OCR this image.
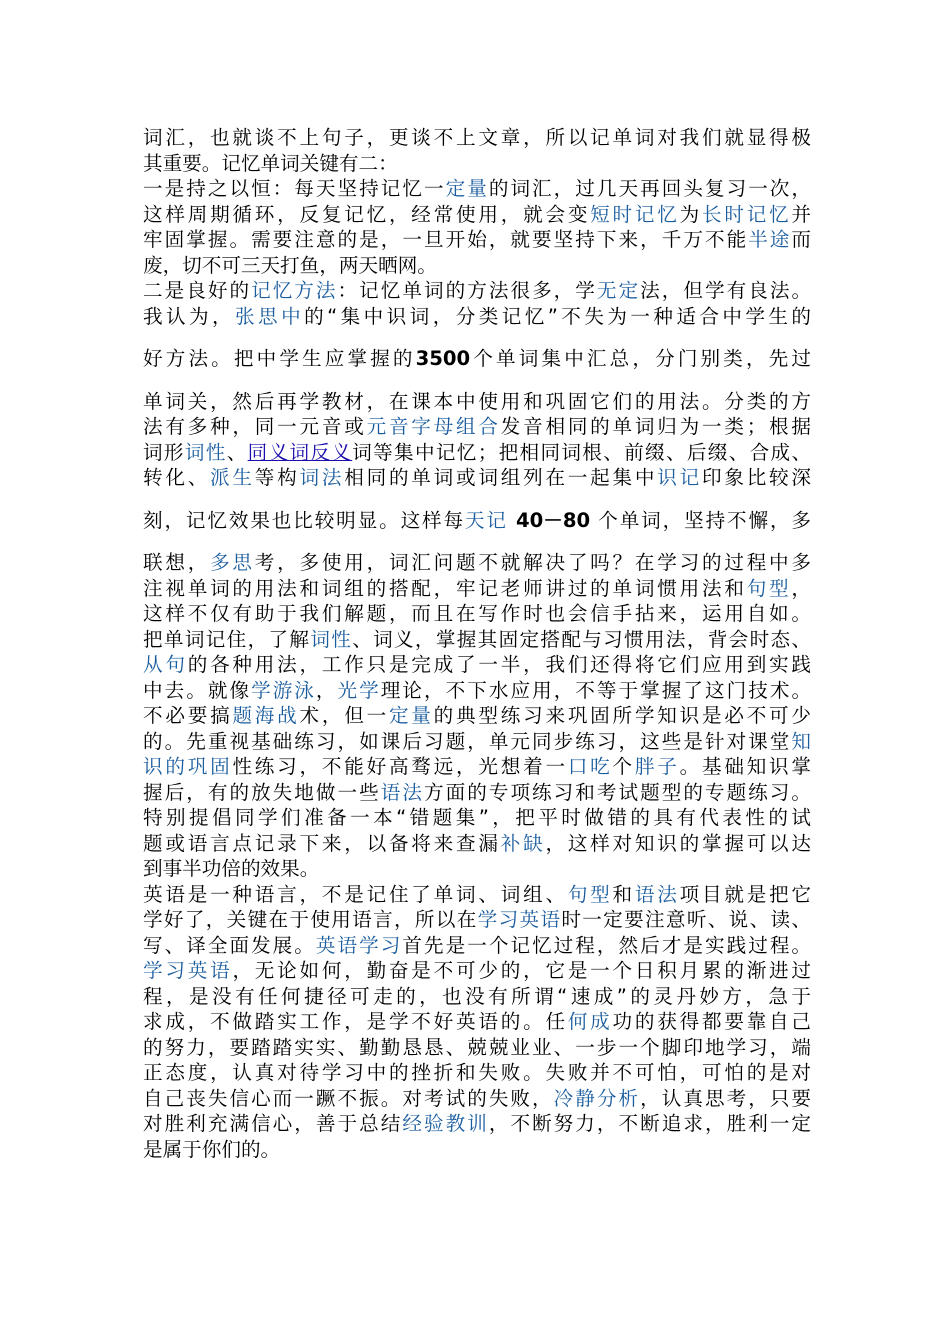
词汇，也就谈不上句子，更谈不上文章，所以记单词对我们就显得极
其重要。记忆单词关键有二：
一是持之以恒：每天坚持记忆一定量的词汇，过几天再回头复习一次，
这样周期循环，反复记忆，经常使用，就会变短时记忆为长时记忆并
牢固掌握。需要注意的是，一旦开始，就要坚持下来，千万不能半途而
废，切不可三天打鱼，两天晒网。
二是良好的记忆方法：记忆单词的方法很多，学无定法，但学有良法。
我认为，张思中的“集中识词，分类记忆”不失为一种适合中学生的
好方法。把中学生应掌握的3500个单词集中汇总，分门别类，先过
单词关，然后再学教材，在课本中使用和巩固它们的用法。分类的方
法有多种，同一元音或元音字母组合发音相同的单词归为一类；根据
词形词性、同义词反义词等集中记忆；把相同词根、前缀、后缀、合成、
转化、派生等构词法相同的单词或词组列在一起集中识记印象比较深
刻，记忆效果也比较明显。这样每天记 40－80 个单词，坚持不懈，多
联想，多思考，多使用，词汇问题不就解决了吗？在学习的过程中多
注视单词的用法和词组的搭配，牢记老师讲过的单词惯用法和句型，
这样不仅有助于我们解题，而且在写作时也会信手拈来，运用自如。
把单词记住，了解词性、词义，掌握其固定搭配与习惯用法，背会时态、
从句的各种用法，工作只是完成了一半，我们还得将它们应用到实践
中去。就像学游泳，光学理论，不下水应用，不等于掌握了这门技术。
不必要搞题海战术，但一定量的典型练习来巩固所学知识是必不可少
的。先重视基础练习，如课后习题，单元同步练习，这些是针对课堂知
识的巩固性练习，不能好高骛远，光想着一口吃个胖子。基础知识掌
握后，有的放失地做一些语法方面的专项练习和考试题型的专题练习。
特别提倡同学们准备一本“错题集”，把平时做错的具有代表性的试
题或语言点记录下来，以备将来查漏补缺，这样对知识的掌握可以达
到事半功倍的效果。
英语是一种语言，不是记住了单词、词组、句型和语法项目就是把它
学好了，关键在于使用语言，所以在学习英语时一定要注意听、说、读、
写、译全面发展。英语学习首先是一个记忆过程，然后才是实践过程。
学习英语，无论如何，勤奋是不可少的，它是一个日积月累的渐进过
程，是没有任何捷径可走的，也没有所谓“速成”的灵丹妙方，急于
求成，不做踏实工作，是学不好英语的。任何成功的获得都要靠自己
的努力，要踏踏实实、勤勤恳恳、兢兢业业、一步一个脚印地学习，端
正态度，认真对待学习中的挫折和失败。失败并不可怕，可怕的是对
自己丧失信心而一蹶不振。对考试的失败，冷静分析，认真思考，只要
对胜利充满信心，善于总结经验教训，不断努力，不断追求，胜利一定
是属于你们的。
